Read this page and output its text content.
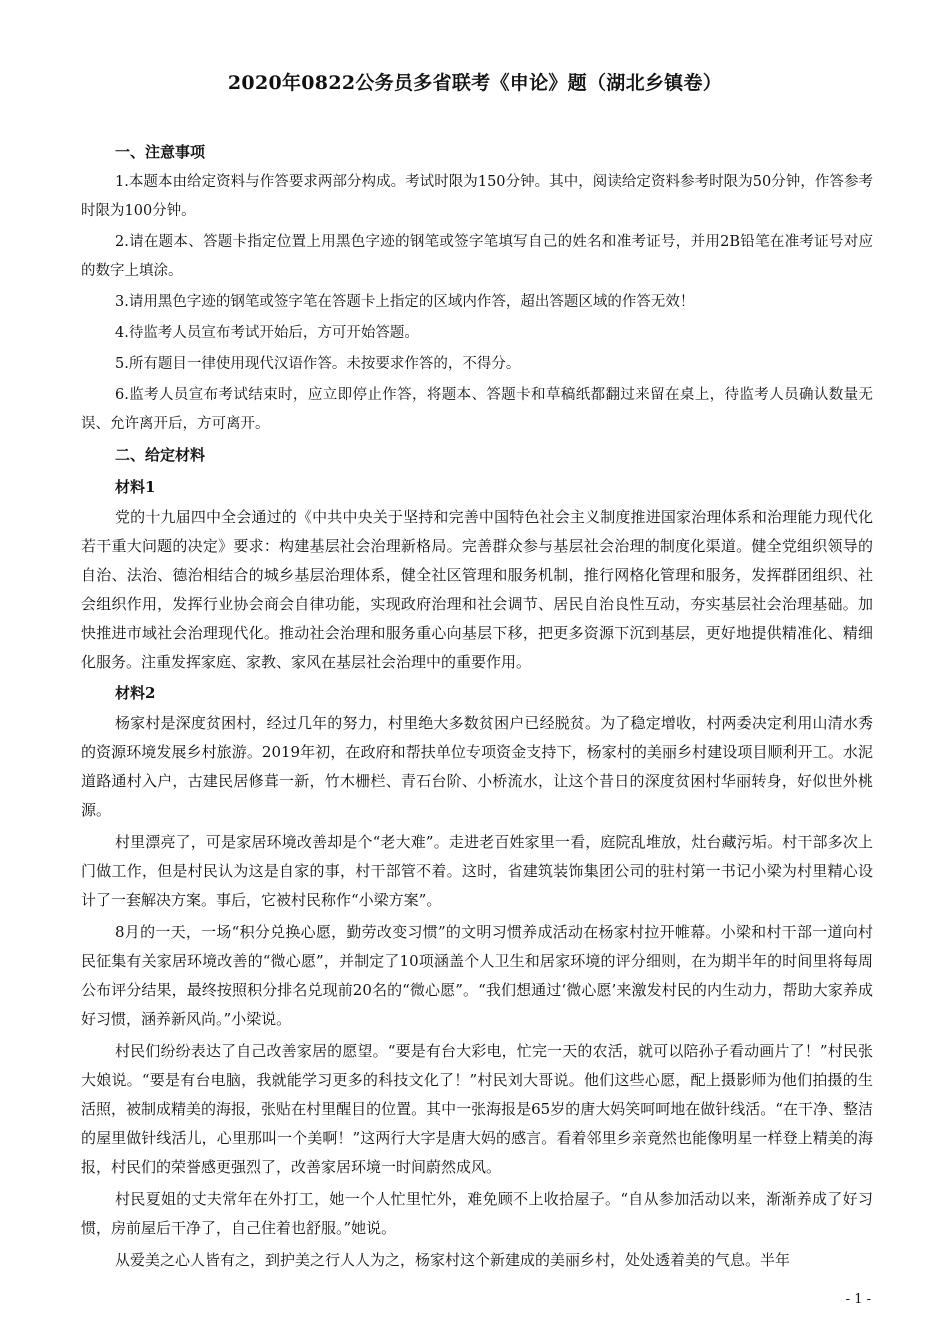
2020年0822公务员多省联考《申论》题（湖北乡镇卷）

一、注意事项

1.本题本由给定资料与作答要求两部分构成。考试时限为150分钟。其中，阅读给定资料参考时限为50分钟，作答参考时限为100分钟。

2.请在题本、答题卡指定位置上用黑色字迹的钢笔或签字笔填写自己的姓名和准考证号，并用2B铅笔在准考证号对应的数字上填涂。

3.请用黑色字迹的钢笔或签字笔在答题卡上指定的区域内作答，超出答题区域的作答无效！

4.待监考人员宣布考试开始后，方可开始答题。

5.所有题目一律使用现代汉语作答。未按要求作答的，不得分。

6.监考人员宣布考试结束时，应立即停止作答，将题本、答题卡和草稿纸都翻过来留在桌上，待监考人员确认数量无误、允许离开后，方可离开。

二、给定材料

材料1

党的十九届四中全会通过的《中共中央关于坚持和完善中国特色社会主义制度推进国家治理体系和治理能力现代化若干重大问题的决定》要求：构建基层社会治理新格局。完善群众参与基层社会治理的制度化渠道。健全党组织领导的自治、法治、德治相结合的城乡基层治理体系，健全社区管理和服务机制，推行网格化管理和服务，发挥群团组织、社会组织作用，发挥行业协会商会自律功能，实现政府治理和社会调节、居民自治良性互动，夯实基层社会治理基础。加快推进市域社会治理现代化。推动社会治理和服务重心向基层下移，把更多资源下沉到基层，更好地提供精准化、精细化服务。注重发挥家庭、家教、家风在基层社会治理中的重要作用。

材料2

杨家村是深度贫困村，经过几年的努力，村里绝大多数贫困户已经脱贫。为了稳定增收，村两委决定利用山清水秀的资源环境发展乡村旅游。2019年初，在政府和帮扶单位专项资金支持下，杨家村的美丽乡村建设项目顺利开工。水泥道路通村入户，古建民居修葺一新，竹木栅栏、青石台阶、小桥流水，让这个昔日的深度贫困村华丽转身，好似世外桃源。

村里漂亮了，可是家居环境改善却是个“老大难”。走进老百姓家里一看，庭院乱堆放，灶台藏污垢。村干部多次上门做工作，但是村民认为这是自家的事，村干部管不着。这时，省建筑装饰集团公司的驻村第一书记小梁为村里精心设计了一套解决方案。事后，它被村民称作“小梁方案”。

8月的一天，一场“积分兑换心愿，勤劳改变习惯”的文明习惯养成活动在杨家村拉开帷幕。小梁和村干部一道向村民征集有关家居环境改善的“微心愿”，并制定了10项涵盖个人卫生和居家环境的评分细则，在为期半年的时间里将每周公布评分结果，最终按照积分排名兑现前20名的“微心愿”。“我们想通过‘微心愿’来激发村民的内生动力，帮助大家养成好习惯，涵养新风尚。”小梁说。

村民们纷纷表达了自己改善家居的愿望。“要是有台大彩电，忙完一天的农活，就可以陪孙子看动画片了！”村民张大娘说。“要是有台电脑，我就能学习更多的科技文化了！”村民刘大哥说。他们这些心愿，配上摄影师为他们拍摄的生活照，被制成精美的海报，张贴在村里醒目的位置。其中一张海报是65岁的唐大妈笑呵呵地在做针线活。“在干净、整洁的屋里做针线活儿，心里那叫一个美啊！”这两行大字是唐大妈的感言。看着邻里乡亲竟然也能像明星一样登上精美的海报，村民们的荣誉感更强烈了，改善家居环境一时间蔚然成风。

村民夏姐的丈夫常年在外打工，她一个人忙里忙外，难免顾不上收拾屋子。“自从参加活动以来，渐渐养成了好习惯，房前屋后干净了，自己住着也舒服。”她说。

从爱美之心人皆有之，到护美之行人人为之，杨家村这个新建成的美丽乡村，处处透着美的气息。半年

- 1 -
